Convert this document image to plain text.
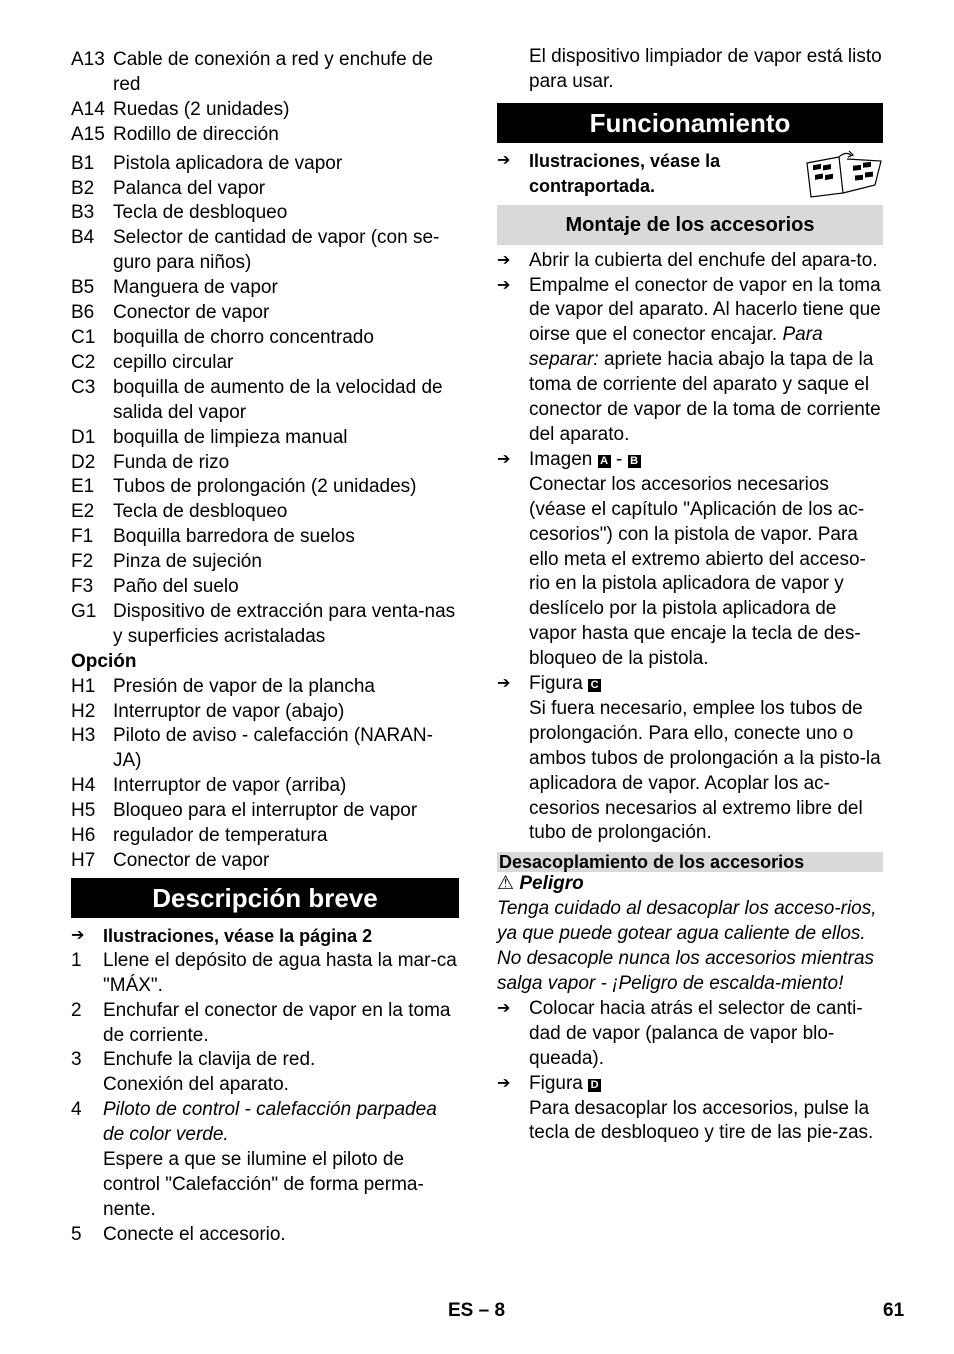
A13 Cable de conexión a red y enchufe de red
A14 Ruedas (2 unidades)
A15 Rodillo de dirección
B1 Pistola aplicadora de vapor
B2 Palanca del vapor
B3 Tecla de desbloqueo
B4 Selector de cantidad de vapor (con se-guro para niños)
B5 Manguera de vapor
B6 Conector de vapor
C1 boquilla de chorro concentrado
C2 cepillo circular
C3 boquilla de aumento de la velocidad de salida del vapor
D1 boquilla de limpieza manual
D2 Funda de rizo
E1 Tubos de prolongación (2 unidades)
E2 Tecla de desbloqueo
F1	Boquilla barredora de suelos
F2	Pinza de sujeción
F3	Paño del suelo
G1 Dispositivo de extracción para venta-nas y superficies acristaladas
Opción
H1 Presión de vapor de la plancha
H2 Interruptor de vapor (abajo)
H3 Piloto de aviso - calefacción (NARAN-JA)
H4 Interruptor de vapor (arriba)
H5 Bloqueo para el interruptor de vapor
H6 regulador de temperatura
H7 Conector de vapor
Descripción breve
➔	Ilustraciones, véase la página 2
1	Llene el depósito de agua hasta la mar-ca "MÁX".
2	Enchufar el conector de vapor en la toma de corriente.
3	Enchufe la clavija de red.
Conexión del aparato.
4	Piloto de control - calefacción parpadea de color verde.
Espere a que se ilumine el piloto de control "Calefacción" de forma perma-nente.
5	Conecte el accesorio.
El dispositivo limpiador de vapor está listo para usar.
Funcionamiento
➔	Ilustraciones, véase la contraportada.
Montaje de los accesorios
➔ Abrir la cubierta del enchufe del apara-to.
➔ Empalme el conector de vapor en la toma de vapor del aparato. Al hacerlo tiene que oirse que el conector encajar. Para separar: apriete hacia abajo la tapa de la toma de corriente del aparato y saque el conector de vapor de la toma de corriente del aparato.
➔ Imagen A - B
Conectar los accesorios necesarios (véase el capítulo "Aplicación de los ac-cesorios") con la pistola de vapor. Para ello meta el extremo abierto del acceso-rio en la pistola aplicadora de vapor y deslícelo por la pistola aplicadora de vapor hasta que encaje la tecla de des-bloqueo de la pistola.
➔ Figura C
Si fuera necesario, emplee los tubos de prolongación. Para ello, conecte uno o ambos tubos de prolongación a la pisto-la aplicadora de vapor. Acoplar los ac-cesorios necesarios al extremo libre del tubo de prolongación.
Desacoplamiento de los accesorios
⚠ Peligro
Tenga cuidado al desacoplar los acceso-rios, ya que puede gotear agua caliente de ellos. No desacople nunca los accesorios mientras salga vapor - ¡Peligro de escalda-miento!
➔ Colocar hacia atrás el selector de canti-dad de vapor (palanca de vapor blo-queada).
➔ Figura D
Para desacoplar los accesorios, pulse la tecla de desbloqueo y tire de las pie-zas.
ES – 8	61
